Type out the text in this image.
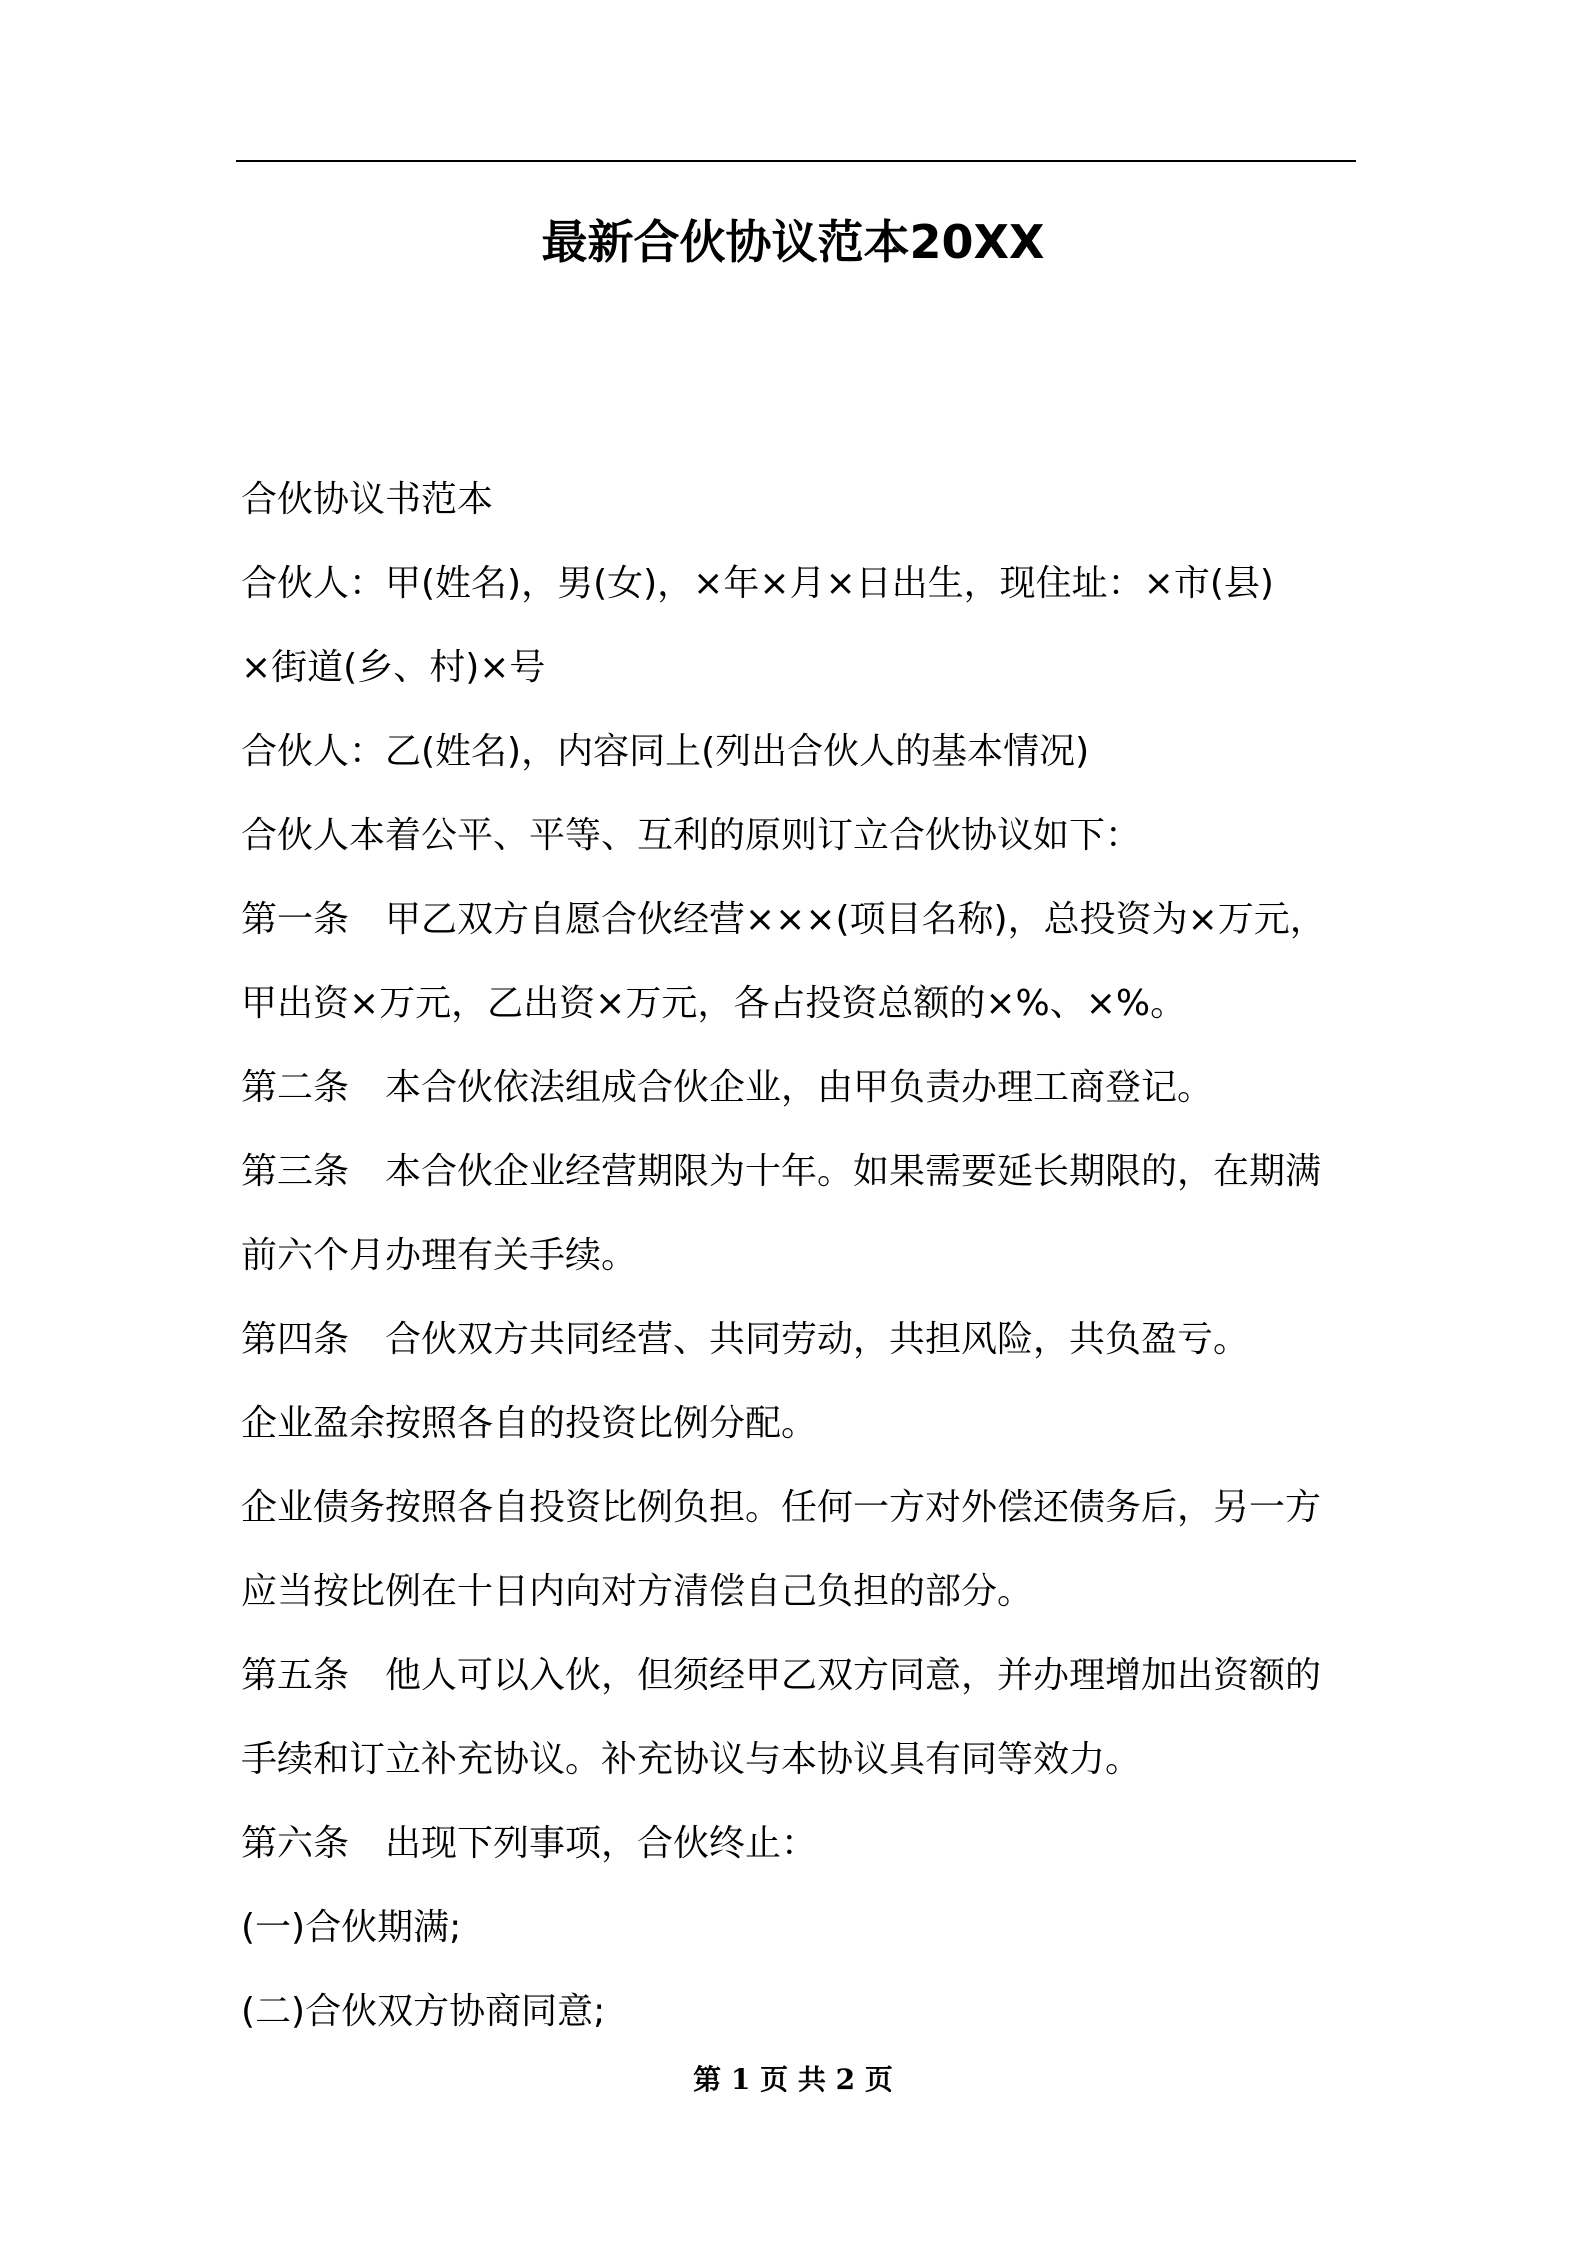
最新合伙协议范本20XX
合伙协议书范本
合伙人：甲(姓名)，男(女)，×年×月×日出生，现住址：×市(县)
×街道(乡、村)×号
合伙人：乙(姓名)，内容同上(列出合伙人的基本情况)
合伙人本着公平、平等、互利的原则订立合伙协议如下：
第一条　甲乙双方自愿合伙经营×××(项目名称)，总投资为×万元，
甲出资×万元，乙出资×万元，各占投资总额的×%、×%。
第二条　本合伙依法组成合伙企业，由甲负责办理工商登记。
第三条　本合伙企业经营期限为十年。如果需要延长期限的，在期满
前六个月办理有关手续。
第四条　合伙双方共同经营、共同劳动，共担风险，共负盈亏。
企业盈余按照各自的投资比例分配。
企业债务按照各自投资比例负担。任何一方对外偿还债务后，另一方
应当按比例在十日内向对方清偿自己负担的部分。
第五条　他人可以入伙，但须经甲乙双方同意，并办理增加出资额的
手续和订立补充协议。补充协议与本协议具有同等效力。
第六条　出现下列事项，合伙终止：
(一)合伙期满;
(二)合伙双方协商同意;
第 1 页 共 2 页
